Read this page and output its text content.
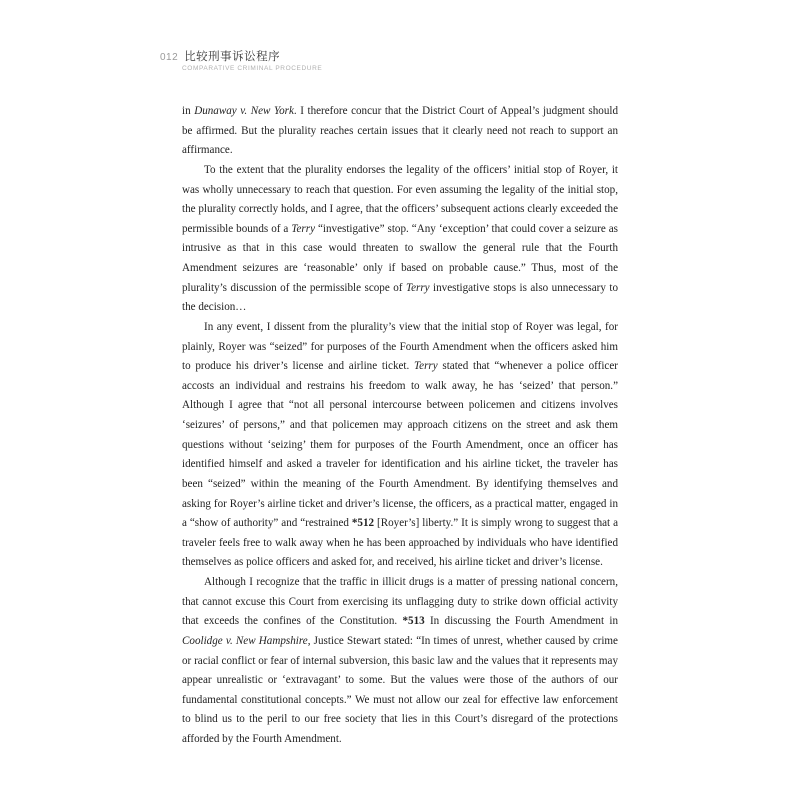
012 比较刑事诉讼程序
COMPARATIVE CRIMINAL PROCEDURE

in Dunaway v. New York. I therefore concur that the District Court of Appeal’s judgment should be affirmed. But the plurality reaches certain issues that it clearly need not reach to support an affirmance.

To the extent that the plurality endorses the legality of the officers’ initial stop of Royer, it was wholly unnecessary to reach that question. For even assuming the legality of the initial stop, the plurality correctly holds, and I agree, that the officers’ subsequent actions clearly exceeded the permissible bounds of a Terry “investigative” stop. “Any ‘exception’ that could cover a seizure as intrusive as that in this case would threaten to swallow the general rule that the Fourth Amendment seizures are ‘reasonable’ only if based on probable cause.” Thus, most of the plurality’s discussion of the permissible scope of Terry investigative stops is also unnecessary to the decision…

In any event, I dissent from the plurality’s view that the initial stop of Royer was legal, for plainly, Royer was “seized” for purposes of the Fourth Amendment when the officers asked him to produce his driver’s license and airline ticket. Terry stated that “whenever a police officer accosts an individual and restrains his freedom to walk away, he has ‘seized’ that person.” Although I agree that “not all personal intercourse between policemen and citizens involves ‘seizures’ of persons,” and that policemen may approach citizens on the street and ask them questions without ‘seizing’ them for purposes of the Fourth Amendment, once an officer has identified himself and asked a traveler for identification and his airline ticket, the traveler has been “seized” within the meaning of the Fourth Amendment. By identifying themselves and asking for Royer’s airline ticket and driver’s license, the officers, as a practical matter, engaged in a “show of authority” and “restrained *512 [Royer’s] liberty.” It is simply wrong to suggest that a traveler feels free to walk away when he has been approached by individuals who have identified themselves as police officers and asked for, and received, his airline ticket and driver’s license.

Although I recognize that the traffic in illicit drugs is a matter of pressing national concern, that cannot excuse this Court from exercising its unflagging duty to strike down official activity that exceeds the confines of the Constitution. *513 In discussing the Fourth Amendment in Coolidge v. New Hampshire, Justice Stewart stated: “In times of unrest, whether caused by crime or racial conflict or fear of internal subversion, this basic law and the values that it represents may appear unrealistic or ‘extravagant’ to some. But the values were those of the authors of our fundamental constitutional concepts.” We must not allow our zeal for effective law enforcement to blind us to the peril to our free society that lies in this Court’s disregard of the protections afforded by the Fourth Amendment.
